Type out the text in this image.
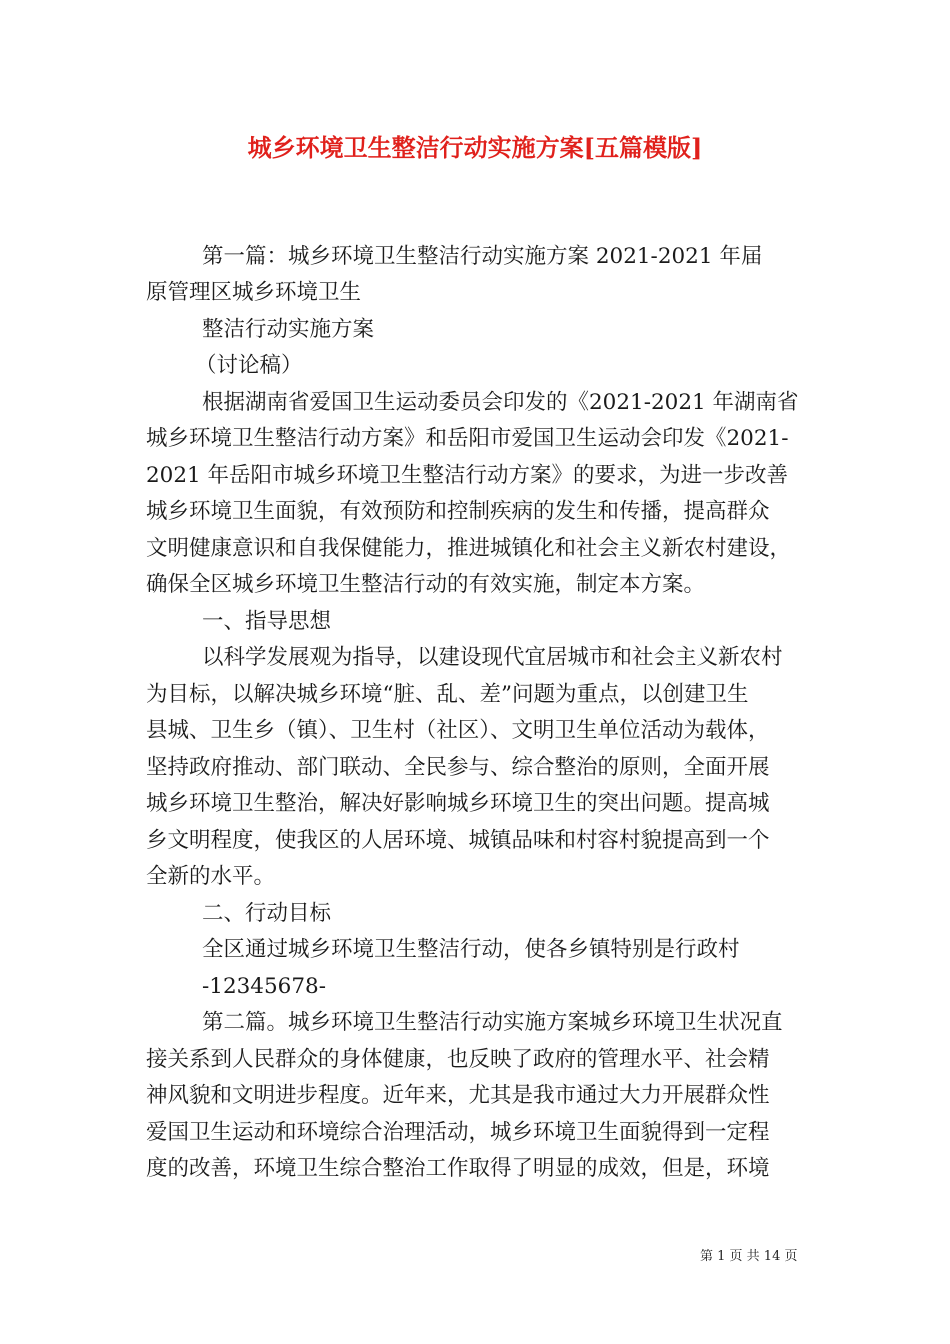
城乡环境卫生整洁行动实施方案[五篇模版]
第一篇：城乡环境卫生整洁行动实施方案 2021-2021 年届
原管理区城乡环境卫生
整洁行动实施方案
（讨论稿）
根据湖南省爱国卫生运动委员会印发的《2021-2021 年湖南省
城乡环境卫生整洁行动方案》和岳阳市爱国卫生运动会印发《2021-
2021 年岳阳市城乡环境卫生整洁行动方案》的要求，为进一步改善
城乡环境卫生面貌，有效预防和控制疾病的发生和传播，提高群众
文明健康意识和自我保健能力，推进城镇化和社会主义新农村建设，
确保全区城乡环境卫生整洁行动的有效实施，制定本方案。
一、指导思想
以科学发展观为指导，以建设现代宜居城市和社会主义新农村
为目标，以解决城乡环境“脏、乱、差”问题为重点，以创建卫生
县城、卫生乡（镇）、卫生村（社区）、文明卫生单位活动为载体，
坚持政府推动、部门联动、全民参与、综合整治的原则，全面开展
城乡环境卫生整治，解决好影响城乡环境卫生的突出问题。提高城
乡文明程度，使我区的人居环境、城镇品味和村容村貌提高到一个
全新的水平。
二、行动目标
全区通过城乡环境卫生整洁行动，使各乡镇特别是行政村
-12345678-
第二篇。城乡环境卫生整洁行动实施方案城乡环境卫生状况直
接关系到人民群众的身体健康，也反映了政府的管理水平、社会精
神风貌和文明进步程度。近年来，尤其是我市通过大力开展群众性
爱国卫生运动和环境综合治理活动，城乡环境卫生面貌得到一定程
度的改善，环境卫生综合整治工作取得了明显的成效，但是，环境
第 1 页 共 14 页
